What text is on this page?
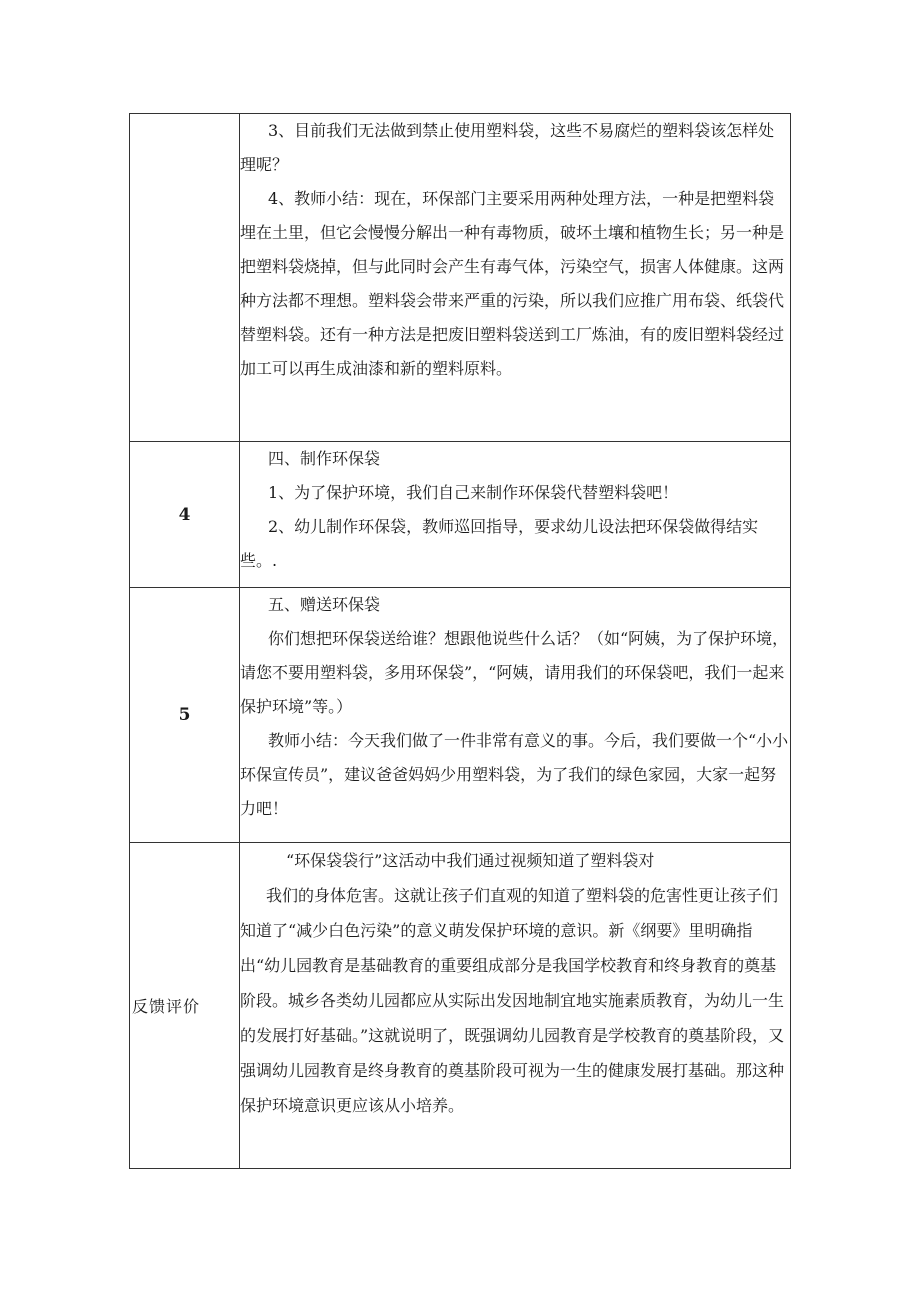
	3、目前我们无法做到禁止使用塑料袋，这些不易腐烂的塑料袋该怎样处理呢？

4、教师小结：现在，环保部门主要采用两种处理方法，一种是把塑料袋埋在土里，但它会慢慢分解出一种有毒物质，破坏土壤和植物生长；另一种是把塑料袋烧掉，但与此同时会产生有毒气体，污染空气，损害人体健康。这两种方法都不理想。塑料袋会带来严重的污染，所以我们应推广用布袋、纸袋代替塑料袋。还有一种方法是把废旧塑料袋送到工厂炼油，有的废旧塑料袋经过加工可以再生成油漆和新的塑料原料。

4	四、制作环保袋

1、为了保护环境，我们自己来制作环保袋代替塑料袋吧！

2、幼儿制作环保袋，教师巡回指导，要求幼儿设法把环保袋做得结实些。.

5	五、赠送环保袋

你们想把环保袋送给谁？想跟他说些什么话？（如“阿姨，为了保护环境，请您不要用塑料袋，多用环保袋”，“阿姨，请用我们的环保袋吧，我们一起来保护环境”等。）

教师小结：今天我们做了一件非常有意义的事。今后，我们要做一个“小小环保宣传员”，建议爸爸妈妈少用塑料袋，为了我们的绿色家园，大家一起努力吧！

反馈评价	“环保袋袋行”这活动中我们通过视频知道了塑料袋对

我们的身体危害。这就让孩子们直观的知道了塑料袋的危害性更让孩子们知道了“减少白色污染”的意义萌发保护环境的意识。新《纲要》里明确指出“幼儿园教育是基础教育的重要组成部分是我国学校教育和终身教育的奠基阶段。城乡各类幼儿园都应从实际出发因地制宜地实施素质教育，为幼儿一生的发展打好基础。”这就说明了，既强调幼儿园教育是学校教育的奠基阶段，又强调幼儿园教育是终身教育的奠基阶段可视为一生的健康发展打基础。那这种保护环境意识更应该从小培养。
